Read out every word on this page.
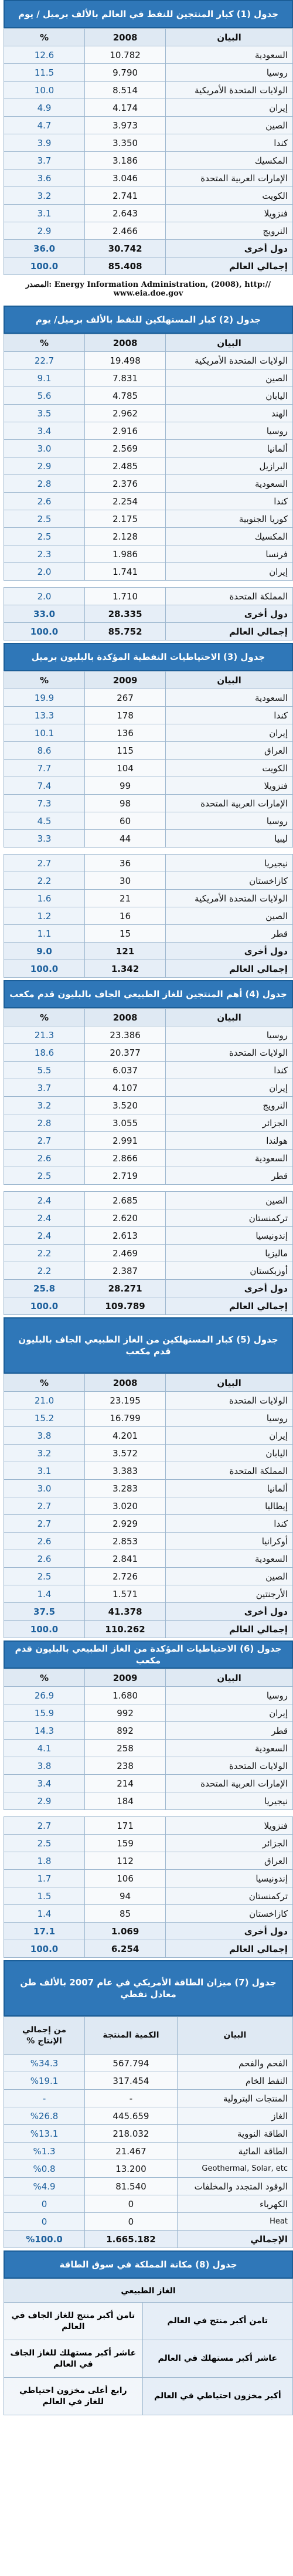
جدول (1) كبار المنتجين للنفط في العالم بالألف برميل / يوم
البيان	2008	%
السعودية	10.782	12.6
روسيا	9.790	11.5
الولايات المتحدة الأمريكية	8.514	10.0
إيران	4.174	4.9
الصين	3.973	4.7
كندا	3.350	3.9
المكسيك	3.186	3.7
الإمارات العربية المتحدة	3.046	3.6
الكويت	2.741	3.2
فنزويلا	2.643	3.1
النرويج	2.466	2.9
دول أخرى	30.742	36.0
إجمالي العالم	85.408	100.0
المصدر: Energy Information Administration, (2008), http:// www.eia.doe.gov
جدول (2) كبار المستهلكين للنفط بالألف برميل/ يوم
البيان	2008	%
الولايات المتحدة الأمريكية	19.498	22.7
الصين	7.831	9.1
اليابان	4.785	5.6
الهند	2.962	3.5
روسيا	2.916	3.4
ألمانيا	2.569	3.0
البرازيل	2.485	2.9
السعودية	2.376	2.8
كندا	2.254	2.6
كوريا الجنوبية	2.175	2.5
المكسيك	2.128	2.5
فرنسا	1.986	2.3
إيران	1.741	2.0

المملكة المتحدة	1.710	2.0
دول أخرى	28.335	33.0
إجمالي العالم	85.752	100.0
جدول (3) الاحتياطيات النفطية المؤكدة بالبليون برميل
البيان	2009	%
السعودية	267	19.9
كندا	178	13.3
إيران	136	10.1
العراق	115	8.6
الكويت	104	7.7
فنزويلا	99	7.4
الإمارات العربية المتحدة	98	7.3
روسيا	60	4.5
ليبيا	44	3.3

نيجيريا	36	2.7
كازاخستان	30	2.2
الولايات المتحدة الأمريكية	21	1.6
الصين	16	1.2
قطر	15	1.1
دول أخرى	121	9.0
إجمالي العالم	1.342	100.0
جدول (4) أهم المنتجين للغاز الطبيعي الجاف بالبليون قدم مكعب
البيان	2008	%
روسيا	23.386	21.3
الولايات المتحدة	20.377	18.6
كندا	6.037	5.5
إيران	4.107	3.7
النرويج	3.520	3.2
الجزائر	3.055	2.8
هولندا	2.991	2.7
السعودية	2.866	2.6
قطر	2.719	2.5

الصين	2.685	2.4
تركمنستان	2.620	2.4
إندونيسيا	2.613	2.4
ماليزيا	2.469	2.2
أوزبكستان	2.387	2.2
دول أخرى	28.271	25.8
إجمالي العالم	109.789	100.0
جدول (5) كبار المستهلكين من الغاز الطبيعي الجاف بالبليون قدم مكعب
البيان	2008	%
الولايات المتحدة	23.195	21.0
روسيا	16.799	15.2
إيران	4.201	3.8
اليابان	3.572	3.2
المملكة المتحدة	3.383	3.1
ألمانيا	3.283	3.0
إيطاليا	3.020	2.7
كندا	2.929	2.7
أوكرانيا	2.853	2.6
السعودية	2.841	2.6
الصين	2.726	2.5
الأرجنتين	1.571	1.4
دول أخرى	41.378	37.5
إجمالي العالم	110.262	100.0
جدول (6) الاحتياطيات المؤكدة من الغاز الطبيعي بالبليون قدم مكعب
البيان	2009	%
روسيا	1.680	26.9
إيران	992	15.9
قطر	892	14.3
السعودية	258	4.1
الولايات المتحدة	238	3.8
الإمارات العربية المتحدة	214	3.4
نيجيريا	184	2.9

فنزويلا	171	2.7
الجزائر	159	2.5
العراق	112	1.8
إندونيسيا	106	1.7
تركمنستان	94	1.5
كازاخستان	85	1.4
دول أخرى	1.069	17.1
إجمالي العالم	6.254	100.0
جدول (7) ميزان الطاقة الأمريكي في عام 2007 بالألف طن معادل نفطي
البيان	الكمية المنتجة	من إجمالي الإنتاج %
الفحم والفحم	567.794	%34.3
النفط الخام	317.454	%19.1
المنتجات البترولية	-	-
الغاز	445.659	%26.8
الطاقة النووية	218.032	%13.1
الطاقة المائية	21.467	%1.3
Geothermal, Solar, etc	13.200	%0.8
الوقود المتجدد والمخلفات	81.540	%4.9
الكهرباء	0	0
Heat	0	0
الإجمالي	1.665.182	%100.0
جدول (8) مكانة المملكة في سوق الطاقة
الغاز الطبيعي	
تامن أكبر منتج في العالم	تامن أكبر منتج للغاز الجاف في العالم
عاشر أكبر مستهلك في العالم	عاشر أكبر مستهلك للغاز الجاف في العالم
أكبر مخزون احتياطي في العالم	رابع أعلى مخزون احتياطي للغاز في العالم
